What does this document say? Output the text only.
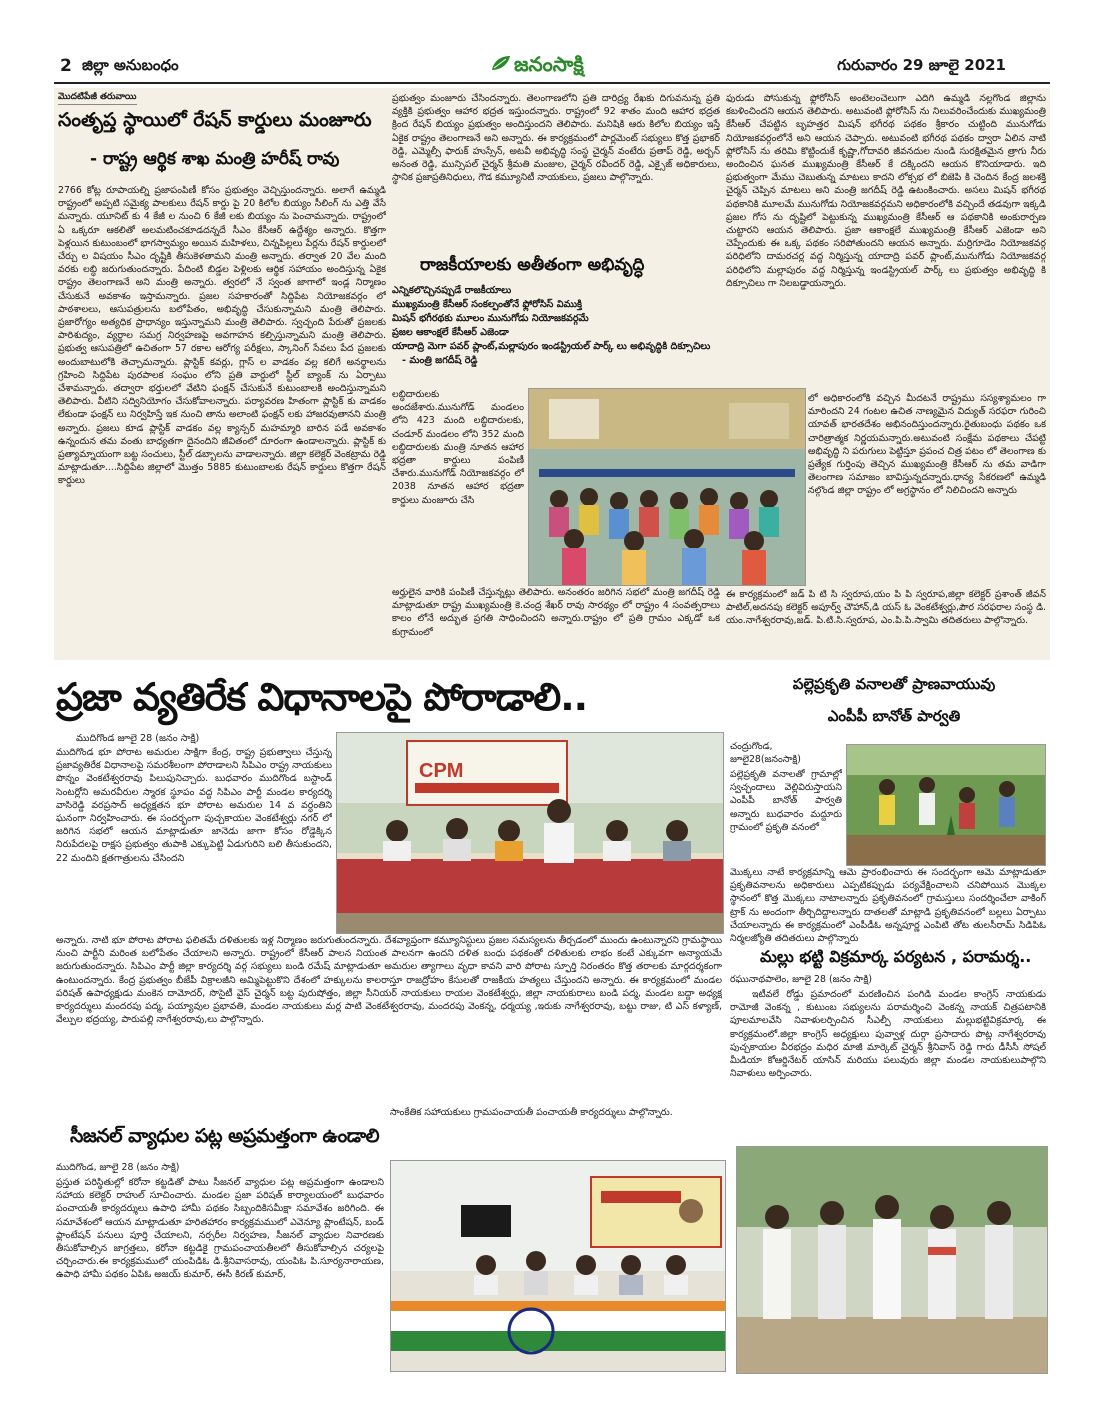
2 జిల్లా అనుబంధం	జనంసాక్షి	గురువారం 29 జూలై 2021
మొదటిపేజీ తరువాయి
సంతృప్త స్థాయిలో రేషన్ కార్డులు మంజూరు
- రాష్ట్ర ఆర్థిక శాఖ మంత్రి హరీష్ రావు
2766 కోట్ల రూపాయల్ని ప్రజాపంపిణీ కోసం ప్రభుత్వం వెచ్చిస్తుందన్నారు. అలాగే ఉమ్మడి రాష్ట్రంలో అప్పటి సమైక్య పాలకులు రేషన్ కార్డు పై 20 కిలోల బియ్యం సీలింగ్ ను ఎత్తి వేసే మన్నారు. యూనిట్ కు 4 కేజీ ల నుంచి 6 కేజీ లకు బియ్యం ను పెంచామన్నారు. రాష్ట్రంలో ఏ ఒక్కరూ ఆకలితో అలమటించకూడదన్నదే సీఎం కేసీఆర్ ఉద్దేశ్యం అన్నారు. కొత్తగా పెళ్లయిన కుటుంబంలో భాగస్వామ్యం అయిన మహిళలు, చిన్నపిల్లలు పేర్లను రేషన్ కార్డులలో చేర్చు ల విషయం సీఎం దృష్టికి తీసుకెళతామని మంత్రి అన్నారు. తర్వాత 20 వేల మంది వరకు లబ్ధి జరుగుతుందన్నారు. పేదింటి బిడ్డల పెళ్లిలకు ఆర్థిక సహాయం అందిస్తున్న ఏకైక రాష్ట్రం తెలంగాణనే అని మంత్రి అన్నారు. త్వరలో నే స్వంత జాగాలో ఇండ్ల నిర్మాణం చేసుకునే అవకాశం ఇస్తామన్నారు. ప్రజల సహకారంతో సిద్దిపేట నియోజకవర్గం లో పాఠశాలలు, ఆసుపత్రులను బలోపేతం, అభివృద్ధి చేసుకున్నామని మంత్రి తెలిపారు. ప్రజారోగ్యం అత్యధిక ప్రాధాన్యం ఇస్తున్నామని మంత్రి తెలిపారు. స్వచ్ఛంది పేరుతో ప్రజలకు పారిశుద్యం, వ్యర్థాల సమగ్ర నిర్వహణపై అవగాహన కల్పిస్తున్నామని మంత్రి తెలిపారు. ప్రభుత్వ ఆసుపత్రిలో ఉచితంగా 57 రకాల ఆరోగ్య పరీక్షలు, స్కానింగ్ సేవలు పేద ప్రజలకు అందుబాటులోకి తెచ్చామన్నారు. ప్లాస్టిక్ కవర్లు, గ్లాస్ ల వాడకం వల్ల కలిగే అనర్థాలను గ్రహించి సిద్దిపేట పురపాలక సంఘం లోని ప్రతి వార్డులో స్టీల్ బ్యాంక్ ను ఏర్పాటు చేశామన్నారు. తద్వారా భర్తులలో వేటిని ఫంక్షన్ చేసుకునే కుటుంబాలకి అందిస్తున్నామని తెలిపారు. వీటిని సద్వినియోగం చేసుకోవాలన్నారు. పర్యావరణ హితంగా ప్లాస్టిక్ కు వాడకం లేకుండా ఫంక్షన్ లు నిర్వహిస్తే ఇక నుంచి తాను అలాంటి ఫంక్షన్ లకు హాజరవుతానని మంత్రి అన్నారు. ప్రజలు కూడ ప్లాస్టిక్ వాడకం వల్ల క్యాన్సర్ మహమ్మారి బారిన పడే అవకాశం ఉన్నందున తమ వంతు బాధ్యతగా దైనందిని జీవితంలో దూరంగా ఉండాలన్నారు. ప్లాస్టిక్ కు ప్రత్యామ్నాయంగా బట్ట సంచులు, స్టీల్ డబ్బాలను వాడాలన్నారు. జిల్లా కలెక్టర్ వెంకట్రామ రెడ్డి మాట్లాడుతూ....సిద్దిపేట జిల్లాలో మొత్తం 5885 కుటుంబాలకు రేషన్ కార్డులు కొత్తగా రేషన్ కార్డులు
ప్రభుత్వం మంజూరు చేసిందన్నారు. తెలంగాణలోని ప్రతి దారిద్ర్య రేఖకు దిగువనున్న ప్రతి వ్యక్తికి ప్రభుత్వం ఆహార భద్రత ఇస్తుందన్నారు. రాష్ట్రంలో 92 శాతం మంది ఆహార భద్రత క్రింద రేషన్ బియ్యం ప్రభుత్వం అందిస్తుందని తెలిపారు. మనిషికి ఆరు కిలోల బియ్యం ఇస్తే ఏకైక రాష్ట్రం తెలంగాణనే అని అన్నారు. ఈ కార్యక్రమంలో పార్లమెంట్ సభ్యులు కొత్త ప్రభాకర్ రెడ్డి, ఎమ్మెల్సీ ఫారుక్ హుస్సేన్, అటవీ అభివృద్ధి సంస్థ చైర్మన్ వంటేరు ప్రతాప్ రెడ్డి, అర్బన్ అనంత రెడ్డి, మున్సిపల్ చైర్మన్ శ్రీమతి మంజుల, చైర్మన్ రవీందర్ రెడ్డి, ఎక్సైజ్ అధికారులు, స్థానిక ప్రజాప్రతినిధులు, గౌడ కమ్యూనిటీ నాయకులు, ప్రజలు పాల్గొన్నారు.
రాజకీయాలకు అతీతంగా అభివృద్ధి

ఎన్నికలొచ్చినప్పుడే రాజకీయాలు

ముఖ్యమంత్రి కేసీఆర్ సంకల్పంతోనే ఫ్లోరోసిస్ విముక్తి

మిషన్ భగీరథకు మూలం మునుగోడు నియోజకవర్గమే

ప్రజల ఆకాంక్షలే కేసీఆర్ ఎజెండా

యాదాద్రి మెగా పవర్ ప్లాంట్,మల్లాపురం ఇండస్ట్రియల్ పార్క్ లు అభివృద్ధికి దిక్సూచిలు

- మంత్రి జగదీష్ రెడ్డి

లబ్ధిదారులకు అందజేశారు.మునుగోడ్ మండలం లోని 423 మంది లబ్ధిదారులకు, చండూర్ మండలం లోని 352 మంది లబ్ధిదారులకు మంత్రి నూతన ఆహార భద్రతా కార్డులు పంపిణీ చేశారు.మునుగోడ్ నియోజకవర్గం లో 2038 నూతన ఆహార భద్రతా కార్డులు మంజూరు చేసి
అర్హులైన వారికి పంపిణీ చేస్తున్నట్లు తెలిపారు. అనంతరం జరిగిన సభలో మంత్రి జగదీష్ రెడ్డి మాట్లాడుతూ రాష్ట్ర ముఖ్యమంత్రి కె.చంద్ర శేఖర్ రావు సారథ్యం లో రాష్ట్రం 4 సంవత్సరాలు కాలం లోనే అద్భుత ప్రగతి సాధించిందని అన్నారు.రాష్ట్రం లో ప్రతి గ్రామం ఎక్కడో ఒక కుగ్రామంలో
ఫురుడు పోసుకున్న ఫ్లోరోసిస్ అంటెలంచెలుగా ఎదిగి ఉమ్మడి నల్లగొండ జిల్లాను కబళించిందని ఆయన తెలిపారు. అటువంటి ఫ్లోరోసిస్ ను నిలువరించేందుకు ముఖ్యమంత్రి కేసీఆర్ చేపట్టిన బృహత్తర మిషన్ భగీరథ పథకం శ్రీకారం చుట్టింది మునుగోడు నియోజకవర్గంలోనే అని ఆయన చెప్పారు. అటువంటి భగీరథ పథకం ద్వారా ఏలిన నాటి ఫ్లోరోసిస్ ను తరిమి కొట్టిందుకే కృష్ణా,గోదావరి జీవనదుల నుండి సురక్షితమైన త్రాగు నీరు అందించిన ఘనత ముఖ్యమంత్రి కేసీఆర్ కే దక్కిందని ఆయన కొనియాడారు. ఇది ప్రభుత్వంగా మేము చెబుతున్న మాటలు కాదని లోక్సభ లో బిజెపి కి చెందిన కేంద్ర జలశక్తి చైర్మన్ చెప్పిన మాటలు అని మంత్రి జగదీష్ రెడ్డి ఉటంకించారు. అసలు మిషన్ భగీరథ పథకానికి మూలమే మునుగోడు నియోజకవర్గమని అధికారంలోకి వచ్చిందే తడవుగా ఇక్కడి ప్రజల గోస ను దృష్టిలో పెట్టుకున్న ముఖ్యమంత్రి కేసీఆర్ ఆ పథకానికి అంకురార్పణ చుట్టారని ఆయన తెలిపారు. ప్రజా ఆకాంక్షలే ముఖ్యమంత్రి కేసీఆర్ ఎజెండా అని చెప్పేందుకు ఈ ఒక్క పథకం సరిపోతుందని ఆయన అన్నారు. మర్రిగూడెం నియోజకవర్గ పరిధిలోని దామరచర్ల వద్ద నిర్మిస్తున్న యాదాద్రి పవర్ ప్లాంట్,మునుగోడు నియోజకవర్గ పరిధిలోని మల్లాపురం వద్ద నిర్మిస్తున్న ఇండస్ట్రియల్ పార్క్ లు ప్రభుత్వం అభివృద్ధి కి దిక్సూచిలు గా నిలబడ్డాయన్నారు.
లో అధికారంలోకి వచ్చిన మీదటనే రాష్ట్రము సస్యశ్యామలం గా మారిందని 24 గంటల ఉచిత నాణ్యమైన విద్యుత్ సరఫరా గురించి యావత్ భారతదేశం అభినందిస్తుందన్నారు.రైతుబంధు పథకం ఒక చారిత్రాత్మక నిర్ణయమన్నారు.అటువంటి సంక్షేమ పథకాలు చేపట్టి అభివృద్ధి ని పరుగులు పెట్టిస్తూ ప్రపంచ చిత్ర పటం లో తెలంగాణ కు ప్రత్యేక గుర్తింపు తెచ్చిన ముఖ్యమంత్రి కేసీఆర్ ను తమ వాడిగా తెలంగాణ సమాజం బావిస్తున్నదన్నారు.ధాన్య సేకరణలో ఉమ్మడి నల్గొండ జిల్లా రాష్ట్రం లో అగ్రస్థానం లో నిలిచిందని అన్నారు
ఈ కార్యక్రమంలో జడ్ పి టి సి స్వరూప,యం పి పి స్వరూప,జిల్లా కలెక్టర్ ప్రశాంత్ జీవన్ పాటిల్,అదనపు కలెక్టర్ అపూర్వ్ చౌహాన్,డి యస్ ఓ వెంకటేశ్వర్లు,పౌర సరఫరాల సంస్థ డి. యం.నాగేశ్వరరావు,జడ్. పి.టి.సి.స్వరూప, ఎం.పి.పి.స్వామి తదితరులు పాల్గొన్నారు.
ప్రజా వ్యతిరేక విధానాలపై పోరాడాలి..
ముదిగొండ జూలై 28 (జనం సాక్షి)
ముదిగొండ భూ పోరాట అమరుల సాక్షిగా కేంద్ర, రాష్ట్ర ప్రభుత్వాలు చేస్తున్న ప్రజావ్యతిరేక విధానాలపై సమరశీలంగా పోరాడాలని సిపిఎం రాష్ట్ర నాయకులు పొన్నం వెంకటేశ్వరరావు పిలుపునిచ్చారు. బుధవారం ముదిగొండ బస్టాండ్ సెంటర్లోని అమరవీరుల స్మారక స్థూపం వద్ద సిపిఎం పార్టీ మండల కార్యదర్శి వాసిరెడ్డి వరప్రసాద్ అధ్యక్షతన భూ పోరాట అమరుల 14 వ వర్ధంతిని ఘనంగా నిర్వహించారు. ఈ సందర్భంగా పుచ్చకాయల వెంకటేశ్వర్లు నగర్ లో జరిగిన సభలో ఆయన మాట్లాడుతూ జానెడు జాగా కోసం రోడ్డెక్కిన నిరుపేదలపై రాక్షస ప్రభుత్వం తుపాకి ఎక్కుపెట్టి ఏడుగురిని బలి తీసుకుందని, 22 మందిని క్షతగాత్రులను చేసిందని
CPM
అన్నారు. నాటి భూ పోరాట పోరాట ఫలితమే దళితులకు ఇళ్ల నిర్మాణం జరుగుతుందన్నారు. దేశవ్యాప్తంగా కమ్యూనిస్టులు ప్రజల సమస్యలను తీర్చడంలో ముందు ఉంటున్నారని గ్రామస్థాయి నుంచి పార్టీని మరింత బలోపేతం చేయాలని అన్నారు. రాష్ట్రంలో కేసీఆర్ పాలన నియంత పాలనగా ఉందని దళిత బంధు పథకంతో దళితులకు లాభం కంటే ఎక్కువగా అన్యాయమే జరుగుతుందన్నారు. సిపిఎం పార్టీ జిల్లా కార్యదర్శి వర్గ సభ్యులు బండి రమేష్ మాట్లాడుతూ అమరుల త్యాగాలు వృధా కావని వారి పోరాట స్ఫూర్తి నిరంతరం కొత్త తరాలకు మార్గదర్శకంగా ఉంటుందన్నారు. కేంద్ర ప్రభుత్వం బీజేపీ విక్రాలజీని అమ్మిపెట్టుకొని దేశంలో హక్కులను కాలరాస్తూ రాజద్రోహం కేసులతో రాజకీయ హత్యలు చేస్తుందని అన్నారు. ఈ కార్యక్రమంలో మండల పరిషత్ ఉపాధ్యక్షుడు మంకెన దామోదర్, సొసైటీ వైస్ చైర్మన్ బట్ట పురుషోత్తం, జిల్లా సీనియర్ నాయకులు రాయల వెంకటేశ్వర్లు, జిల్లా నాయకురాలు బండి పద్మ, మండల బద్దా అధ్యక్ష కార్యదర్శులు మందరపు పద్మ, పయ్యావుల ప్రభావతి, మండల నాయకులు మర్ల పాటి వెంకటేశ్వరరావు, మందరపు వెంకన్న, ధర్మయ్య ,ఇరుకు నాగేశ్వరరావు, బట్టు రాజు, టి ఎస్ కళ్యాణ్, వేల్పుల భద్రయ్య, పారుపల్లి నాగేశ్వరరావు,లు పాల్గొన్నారు.
పల్లెప్రకృతి వనాలతో ప్రాణవాయువు
ఎంపీపీ బానోత్ పార్వతి
చంద్రుగొండ, జూలై28(జనంసాక్షి)
పల్లెప్రకృతి వనాలతో గ్రామాల్లో స్వచ్ఛందాలు వెల్లివిరుస్తాయని ఎంపీపీ బానోత్ పార్వతి అన్నారు బుధవారం మద్దూరు గ్రామంలో ప్రకృతి వనంలో
మొక్కలు నాటే కార్యక్రమాన్ని ఆమె ప్రారంభించారు ఈ సందర్భంగా ఆమె మాట్లాడుతూ ప్రకృతివనాలను అధికారులు ఎప్పటికప్పుడు పర్యవేక్షించాలని చనిపోయిన మొక్కల స్థానంలో కొత్త మొక్కలు నాటాలన్నారు ప్రకృతివనంలో గ్రామస్తులు సందర్శించేలా వాకింగ్ ట్రాక్ ను అందంగా తీర్చిదిద్దాలన్నారు దాతలతో మాట్లాడి ప్రకృతివనంలో బల్లలు ఏర్పాటు చేయాలన్నారు ఈ కార్యక్రమంలో ఎంపీడీఓ అన్నపూర్ణ ఎంపిటి తోట తులసీరామ్ సిడిపిఓ నిర్మలజ్యోతి తదితరులు పాల్గొన్నారు
మల్లు భట్టి విక్రమార్క పర్యటన , పరామర్శ..
రఘునాథపాలెం, జూలై 28 (జనం సాక్షి)
ఇటీవలే రోడ్డు ప్రమాదంలో మరణించిన పంగిడి మండల కాంగ్రెస్ నాయకుడు రామోజీ వెంకన్న , కుటుంబ సభ్యులను పరామర్శించి వెంకన్న నాయక్ చిత్రపటానికి పూలమాలవేసి నివాళులర్పించిన సీఎల్పీ నాయకులు మల్లుభట్టివిక్రమార్క ఈ కార్యక్రమంలో.జిల్లా కాంగ్రెస్ అధ్యక్షులు పువ్వాళ్ల దుర్గా ప్రసాదారు పొట్ల నాగేశ్వరరావు పుచ్చకాయల వీరభద్రం మధిర మాజీ మార్కెట్ చైర్మన్ శ్రీనివాస్ రెడ్డి గారు డీసీసీ సోషల్ మీడియా కోఆర్డినేటర్ యాసిన్ మరియు పలువురు జిల్లా మండల నాయకులుపాల్గొని నివాళులు అర్పించారు.
సీజనల్ వ్యాధుల పట్ల అప్రమత్తంగా ఉండాలి
ముదిగొండ, జూలై 28 (జనం సాక్షి)
ప్రస్తుత పరిస్థితుల్లో కరోనా కట్టడితో పాటు సీజనల్ వ్యాధుల పట్ల అప్రమత్తంగా ఉండాలని సహాయ కలెక్టర్ రాహుల్ సూచించారు. మండల ప్రజా పరిషత్ కార్యాలయంలో బుధవారం పంచాయతీ కార్యదర్శులు ఉపాధి హామీ పథకం సిబ్బందికిసమీక్షా సమావేశం జరిగింది. ఈ సమావేశంలో ఆయన మాట్లాడుతూ హరితహారం కార్యక్రమములో ఎవెన్యూ ప్లాంటేషన్, బండ్ ప్లాంటేషన్ పనులు పూర్తి చేయాలని, నర్సరీల నిర్వహణ, సీజనల్ వ్యాధుల నివారణకు తీసుకోవాల్సిన జాగ్రత్తలు, కరోనా కట్టడికై గ్రామపంచాయతీలలో తీసుకోవాల్సిన చర్యలపై చర్చించారు.ఈ కార్యక్రమములో యంపిడిఓ డి.శ్రీనివాసరావు, యంపిఓ పి.సూర్యనారాయణ, ఉపాధి హామీ పథకం ఏపిఓ అజయ్ కుమార్, ఈసీ కిరణ్ కుమార్,
సాంకేతిక సహాయకులు గ్రామపంచాయతీ పంచాయతీ కార్యదర్శులు పాల్గొన్నారు.
